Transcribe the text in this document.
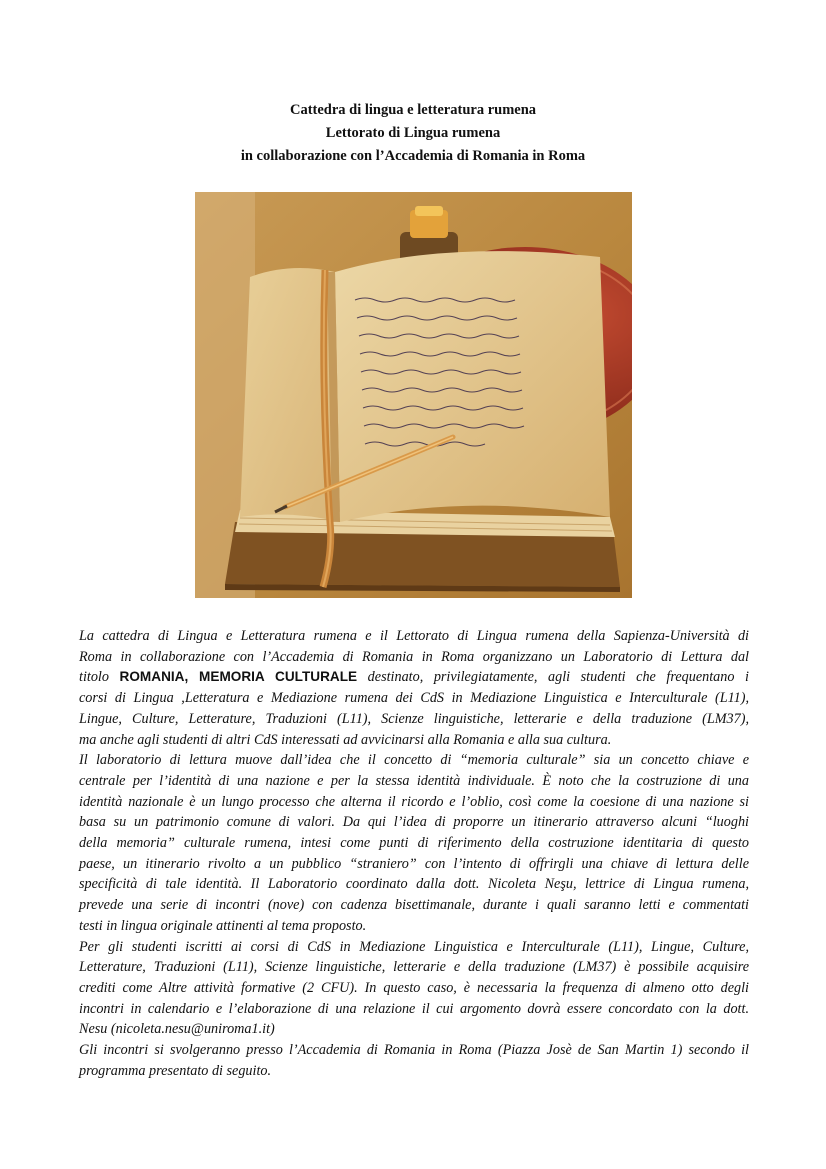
Cattedra di lingua e letteratura rumena
Lettorato di Lingua rumena
in collaborazione con l’Accademia di Romania in Roma

La cattedra di Lingua e Letteratura rumena e il Lettorato di Lingua rumena della Sapienza-Università di
Roma in collaborazione con l’Accademia di Romania in Roma organizzano un Laboratorio di Lettura dal
titolo ROMANIA, MEMORIA CULTURALE destinato, privilegiatamente, agli studenti che frequentano i
corsi di Lingua ,Letteratura e Mediazione rumena dei CdS in Mediazione Linguistica e Interculturale (L11),
Lingue, Culture, Letterature, Traduzioni (L11), Scienze linguistiche, letterarie e della traduzione (LM37),
ma anche agli studenti di altri CdS interessati ad avvicinarsi alla Romania e alla sua cultura.

Il laboratorio di lettura muove dall’idea che il concetto di “memoria culturale” sia un concetto chiave e
centrale per l’identità di una nazione e per la stessa identità individuale. È noto che la costruzione di una
identità nazionale è un lungo processo che alterna il ricordo e l’oblio, così come la coesione di una nazione si
basa su un patrimonio comune di valori. Da qui l’idea di proporre un itinerario attraverso alcuni “luoghi
della memoria” culturale rumena, intesi come punti di riferimento della costruzione identitaria di questo
paese, un itinerario rivolto a un pubblico “straniero” con l’intento di offrirgli una chiave di lettura delle
specificità di tale identità. Il Laboratorio coordinato dalla dott. Nicoleta Neşu, lettrice di Lingua rumena,
prevede una serie di incontri (nove) con cadenza bisettimanale, durante i quali saranno letti e commentati
testi in lingua originale attinenti al tema proposto.

Per gli studenti iscritti ai corsi di CdS in Mediazione Linguistica e Interculturale (L11), Lingue, Culture,
Letterature, Traduzioni (L11), Scienze linguistiche, letterarie e della traduzione (LM37) è possibile acquisire
crediti come Altre attività formative (2 CFU). In questo caso, è necessaria la frequenza di almeno otto degli
incontri in calendario e l’elaborazione di una relazione il cui argomento dovrà essere concordato con la dott.
Nesu (nicoleta.nesu@uniroma1.it)

Gli incontri si svolgeranno presso l’Accademia di Romania in Roma (Piazza Josè de San Martin 1) secondo il
programma presentato di seguito.
